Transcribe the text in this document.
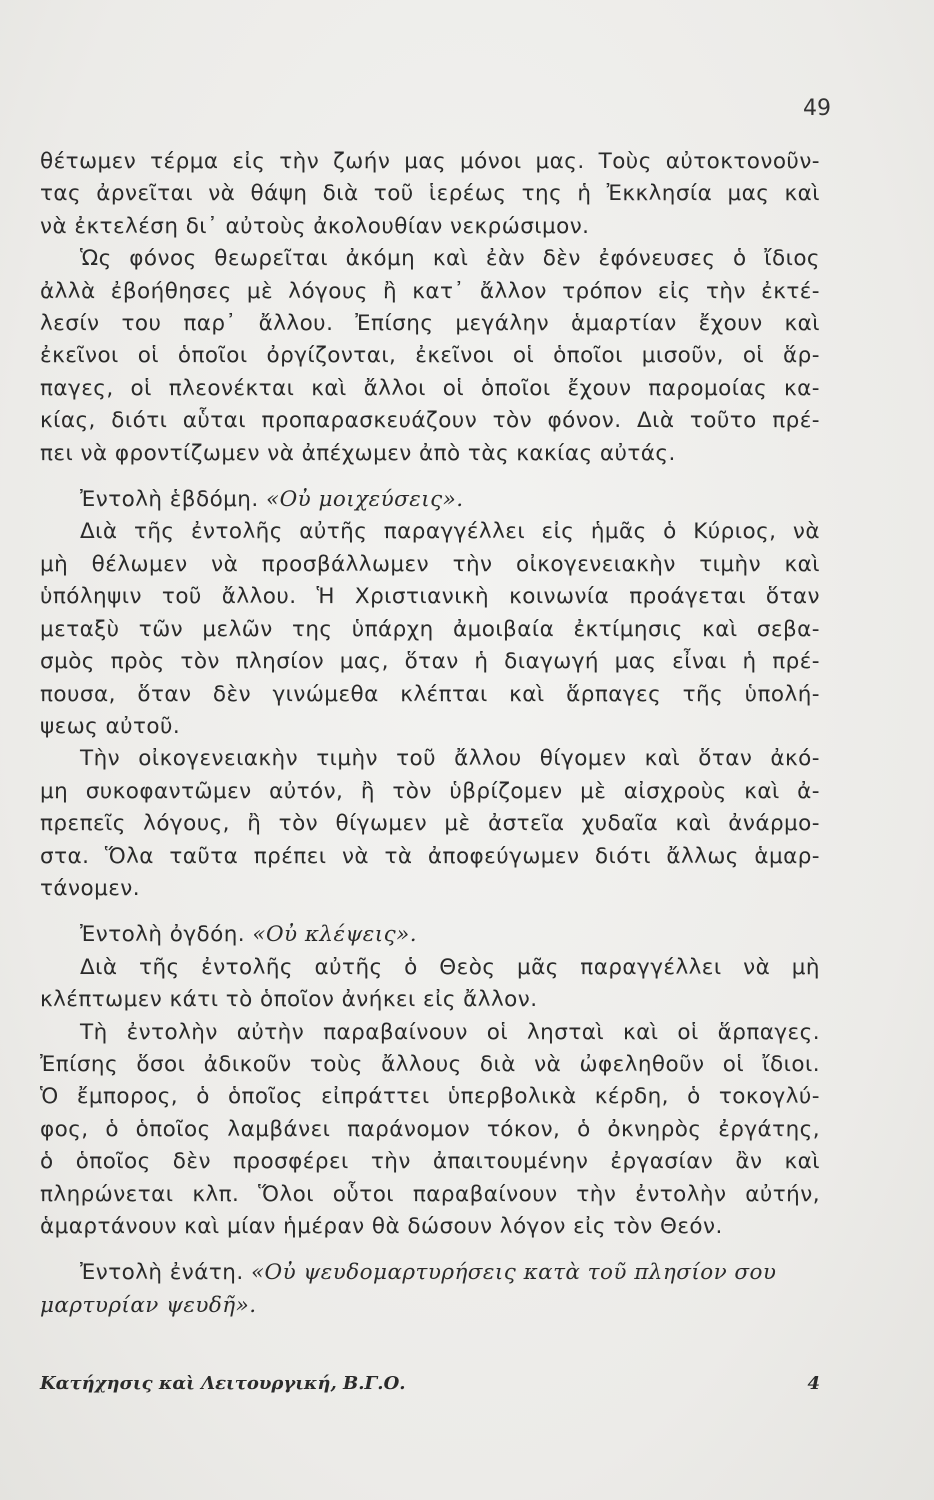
49
θέτωμεν τέρμα εἰς τὴν ζωήν μας μόνοι μας. Τοὺς αὐτοκτονοῦν-
τας ἀρνεῖται νὰ θάψη διὰ τοῦ ἱερέως της ἡ Ἐκκλησία μας καὶ
νὰ ἐκτελέση δι᾽ αὐτοὺς ἀκολουθίαν νεκρώσιμον.
Ὡς φόνος θεωρεῖται ἀκόμη καὶ ἐὰν δὲν ἐφόνευσες ὁ ἴδιος
ἀλλὰ ἐβοήθησες μὲ λόγους ἢ κατ᾽ ἄλλον τρόπον εἰς τὴν ἐκτέ-
λεσίν του παρ᾽ ἄλλου. Ἐπίσης μεγάλην ἁμαρτίαν ἔχουν καὶ
ἐκεῖνοι οἱ ὁποῖοι ὀργίζονται, ἐκεῖνοι οἱ ὁποῖοι μισοῦν, οἱ ἅρ-
παγες, οἱ πλεονέκται καὶ ἄλλοι οἱ ὁποῖοι ἔχουν παρομοίας κα-
κίας, διότι αὗται προπαρασκευάζουν τὸν φόνον. Διὰ τοῦτο πρέ-
πει νὰ φροντίζωμεν νὰ ἀπέχωμεν ἀπὸ τὰς κακίας αὐτάς.
Ἐντολὴ ἑβδόμη. «Οὐ μοιχεύσεις».
Διὰ τῆς ἐντολῆς αὐτῆς παραγγέλλει εἰς ἡμᾶς ὁ Κύριος, νὰ
μὴ θέλωμεν νὰ προσβάλλωμεν τὴν οἰκογενειακὴν τιμὴν καὶ
ὑπόληψιν τοῦ ἄλλου. Ἡ Χριστιανικὴ κοινωνία προάγεται ὅταν
μεταξὺ τῶν μελῶν της ὑπάρχη ἀμοιβαία ἐκτίμησις καὶ σεβα-
σμὸς πρὸς τὸν πλησίον μας, ὅταν ἡ διαγωγή μας εἶναι ἡ πρέ-
πουσα, ὅταν δὲν γινώμεθα κλέπται καὶ ἅρπαγες τῆς ὑπολή-
ψεως αὐτοῦ.
Τὴν οἰκογενειακὴν τιμὴν τοῦ ἄλλου θίγομεν καὶ ὅταν ἀκό-
μη συκοφαντῶμεν αὐτόν, ἢ τὸν ὑβρίζομεν μὲ αἰσχροὺς καὶ ἀ-
πρεπεῖς λόγους, ἢ τὸν θίγωμεν μὲ ἀστεῖα χυδαῖα καὶ ἀνάρμο-
στα. Ὅλα ταῦτα πρέπει νὰ τὰ ἀποφεύγωμεν διότι ἄλλως ἁμαρ-
τάνομεν.
Ἐντολὴ ὀγδόη. «Οὐ κλέψεις».
Διὰ τῆς ἐντολῆς αὐτῆς ὁ Θεὸς μᾶς παραγγέλλει νὰ μὴ
κλέπτωμεν κάτι τὸ ὁποῖον ἀνήκει εἰς ἄλλον.
Τὴ ἐντολὴν αὐτὴν παραβαίνουν οἱ λησταὶ καὶ οἱ ἅρπαγες.
Ἐπίσης ὅσοι ἀδικοῦν τοὺς ἄλλους διὰ νὰ ὠφεληθοῦν οἱ ἴδιοι.
Ὁ ἔμπορος, ὁ ὁποῖος εἰπράττει ὑπερβολικὰ κέρδη, ὁ τοκογλύ-
φος, ὁ ὁποῖος λαμβάνει παράνομον τόκον, ὁ ὀκνηρὸς ἐργάτης,
ὁ ὁποῖος δὲν προσφέρει τὴν ἀπαιτουμένην ἐργασίαν ἂν καὶ
πληρώνεται κλπ. Ὅλοι οὗτοι παραβαίνουν τὴν ἐντολὴν αὐτήν,
ἁμαρτάνουν καὶ μίαν ἡμέραν θὰ δώσουν λόγον εἰς τὸν Θεόν.
Ἐντολὴ ἐνάτη. «Οὐ ψευδομαρτυρήσεις κατὰ τοῦ πλησίον σου
μαρτυρίαν ψευδῆ».
Κατήχησις καὶ Λειτουργική, Β.Γ.Ο.	4
